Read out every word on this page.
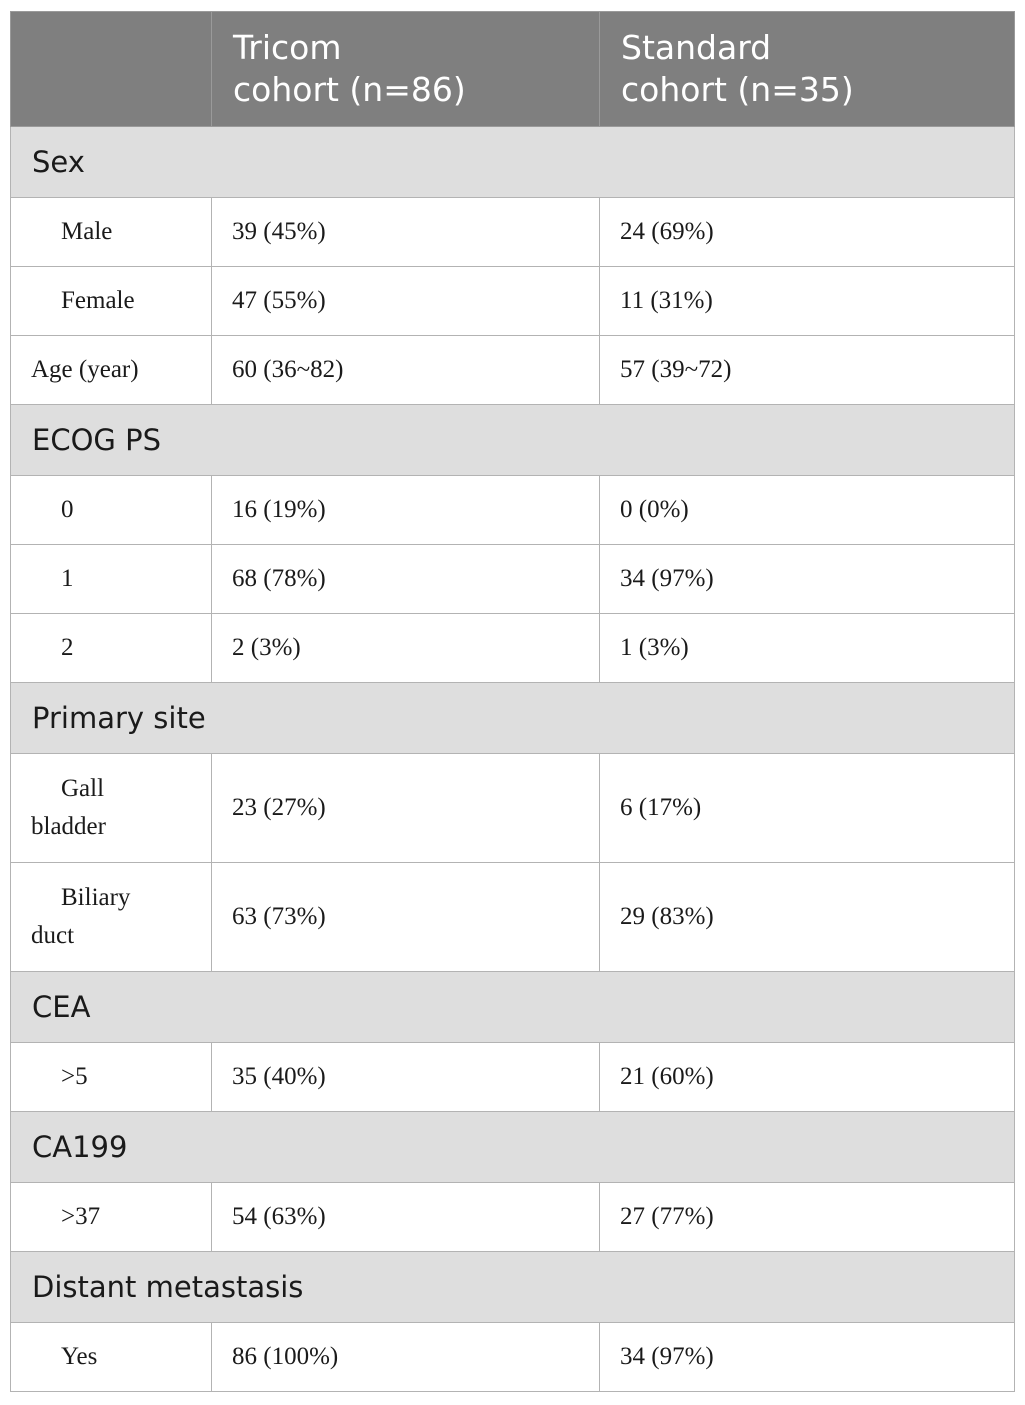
	Tricom
cohort (n=86)	Standard
cohort (n=35)

Sex		
Male	39 (45%)	24 (69%)
Female	47 (55%)	11 (31%)
Age (year)	60 (36~82)	57 (39~72)
ECOG PS		
0	16 (19%)	0 (0%)
1	68 (78%)	34 (97%)
2	2 (3%)	1 (3%)
Primary site		
Gall
bladder	23 (27%)	6 (17%)
Biliary
duct	63 (73%)	29 (83%)
CEA		
>5	35 (40%)	21 (60%)
CA199		
>37	54 (63%)	27 (77%)
Distant metastasis		
Yes	86 (100%)	34 (97%)
